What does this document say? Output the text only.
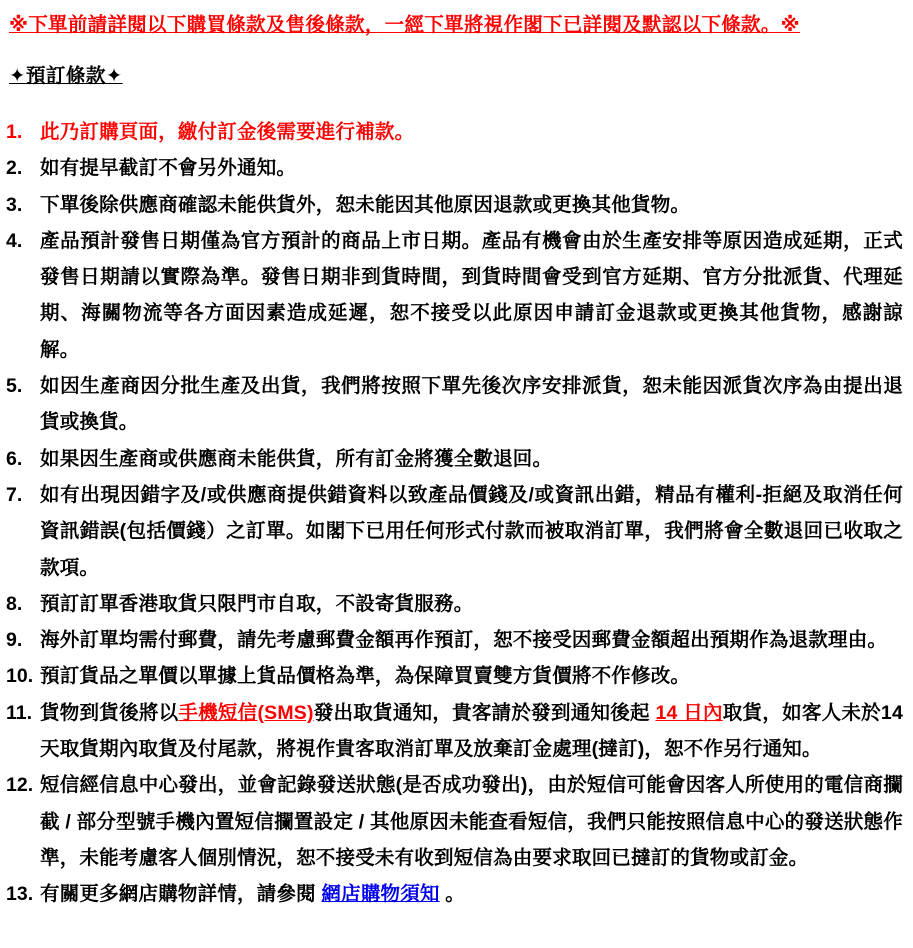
※下單前請詳閱以下購買條款及售後條款，一經下單將視作閣下已詳閱及默認以下條款。※
✦預訂條款✦
1. 此乃訂購頁面，繳付訂金後需要進行補款。

2. 如有提早截訂不會另外通知。

3. 下單後除供應商確認未能供貨外，恕未能因其他原因退款或更換其他貨物。

4. 產品預計發售日期僅為官方預計的商品上市日期。產品有機會由於生產安排等原因造成延期，正式發售日期請以實際為準。發售日期非到貨時間，到貨時間會受到官方延期、官方分批派貨、代理延期、海關物流等各方面因素造成延遲，恕不接受以此原因申請訂金退款或更換其他貨物，感謝諒解。

5. 如因生產商因分批生產及出貨，我們將按照下單先後次序安排派貨，恕未能因派貨次序為由提出退貨或換貨。

6. 如果因生產商或供應商未能供貨，所有訂金將獲全數退回。

7. 如有出現因錯字及/或供應商提供錯資料以致產品價錢及/或資訊出錯，精品有權利-拒絕及取消任何資訊錯誤(包括價錢）之訂單。如閣下已用任何形式付款而被取消訂單，我們將會全數退回已收取之款項。

8. 預訂訂單香港取貨只限門市自取，不設寄貨服務。

9. 海外訂單均需付郵費，請先考慮郵費金額再作預訂，恕不接受因郵費金額超出預期作為退款理由。

10. 預訂貨品之單價以單據上貨品價格為準，為保障買賣雙方貨價將不作修改。

11. 貨物到貨後將以手機短信(SMS)發出取貨通知，貴客請於發到通知後起 14 日內取貨，如客人未於14 天取貨期內取貨及付尾款，將視作貴客取消訂單及放棄訂金處理(撻訂)，恕不作另行通知。

12. 短信經信息中心發出，並會記錄發送狀態(是否成功發出)，由於短信可能會因客人所使用的電信商攔截 / 部分型號手機內置短信攔置設定 / 其他原因未能查看短信，我們只能按照信息中心的發送狀態作準，未能考慮客人個別情況，恕不接受未有收到短信為由要求取回已撻訂的貨物或訂金。

13. 有關更多網店購物詳情，請參閱 網店購物須知 。
